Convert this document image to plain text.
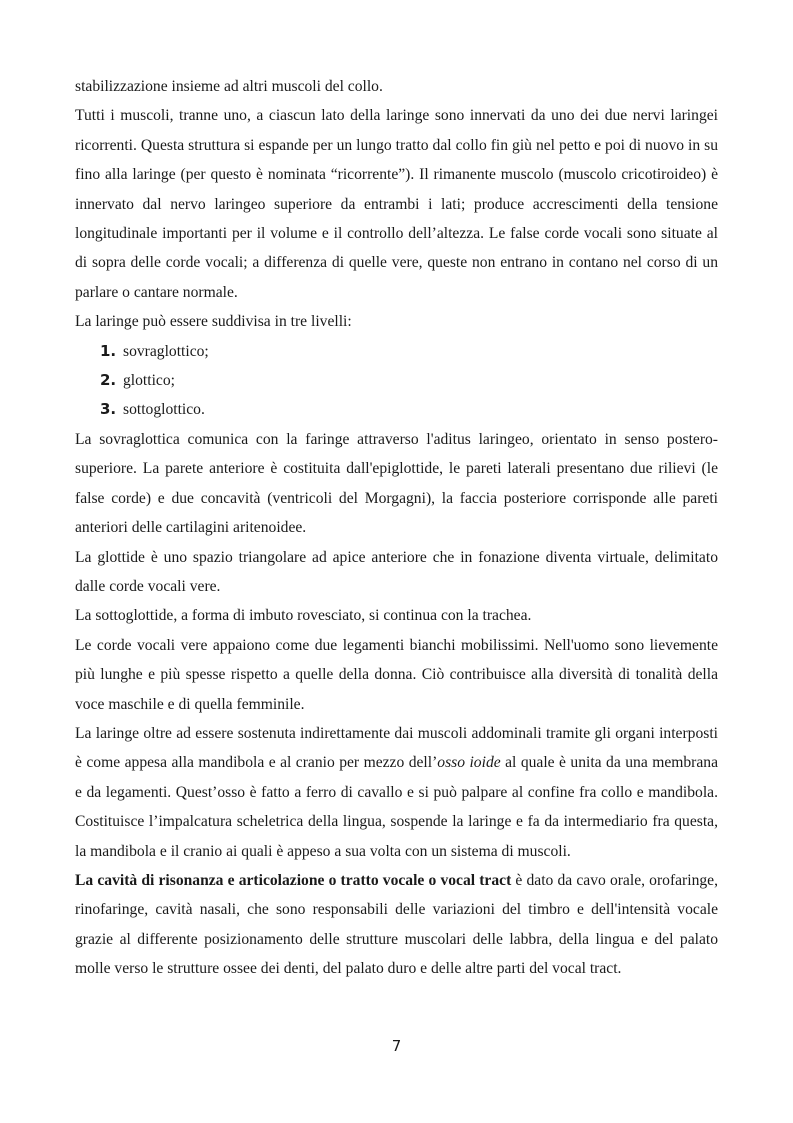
stabilizzazione insieme ad altri muscoli del collo.

Tutti i muscoli, tranne uno, a ciascun lato della laringe sono innervati da uno dei due nervi laringei ricorrenti. Questa struttura si espande per un lungo tratto dal collo fin giù nel petto e poi di nuovo in su fino alla laringe (per questo è nominata “ricorrente”). Il rimanente muscolo (muscolo cricotiroideo) è innervato dal nervo laringeo superiore da entrambi i lati; produce accrescimenti della tensione longitudinale importanti per il volume e il controllo dell’altezza. Le false corde vocali sono situate al di sopra delle corde vocali; a differenza di quelle vere, queste non entrano in contano nel corso di un parlare o cantare normale.

La laringe può essere suddivisa in tre livelli:

1. sovraglottico;
2. glottico;
3. sottoglottico.

La sovraglottica comunica con la faringe attraverso l'aditus laringeo, orientato in senso postero-superiore. La parete anteriore è costituita dall'epiglottide, le pareti laterali presentano due rilievi (le false corde) e due concavità (ventricoli del Morgagni), la faccia posteriore corrisponde alle pareti anteriori delle cartilagini aritenoidee.

La glottide è uno spazio triangolare ad apice anteriore che in fonazione diventa virtuale, delimitato dalle corde vocali vere.

La sottoglottide, a forma di imbuto rovesciato, si continua con la trachea.

Le corde vocali vere appaiono come due legamenti bianchi mobilissimi. Nell'uomo sono lievemente più lunghe e più spesse rispetto a quelle della donna. Ciò contribuisce alla diversità di tonalità della voce maschile e di quella femminile.

La laringe oltre ad essere sostenuta indirettamente dai muscoli addominali tramite gli organi interposti è come appesa alla mandibola e al cranio per mezzo dell’osso ioide al quale è unita da una membrana e da legamenti. Quest’osso è fatto a ferro di cavallo e si può palpare al confine fra collo e mandibola. Costituisce l’impalcatura scheletrica della lingua, sospende la laringe e fa da intermediario fra questa, la mandibola e il cranio ai quali è appeso a sua volta con un sistema di muscoli.

La cavità di risonanza e articolazione o tratto vocale o vocal tract è dato da cavo orale, orofaringe, rinofaringe, cavità nasali, che sono responsabili delle variazioni del timbro e dell'intensità vocale grazie al differente posizionamento delle strutture muscolari delle labbra, della lingua e del palato molle verso le strutture ossee dei denti, del palato duro e delle altre parti del vocal tract.

7
